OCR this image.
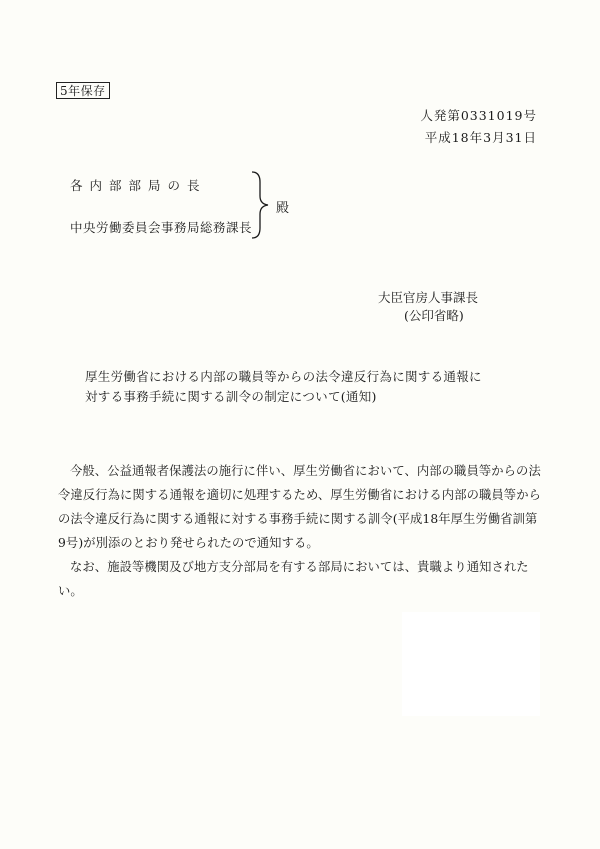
5年保存
人発第0331019号
平成18年3月31日
各内部部局の長
中央労働委員会事務局総務課長
殿
大臣官房人事課長
(公印省略)
厚生労働省における内部の職員等からの法令違反行為に関する通報に
対する事務手続に関する訓令の制定について(通知)

今般、公益通報者保護法の施行に伴い、厚生労働省において、内部の職員等からの法令違反行為に関する通報を適切に処理するため、厚生労働省における内部の職員等からの法令違反行為に関する通報に対する事務手続に関する訓令(平成18年厚生労働省訓第9号)が別添のとおり発せられたので通知する。

なお、施設等機関及び地方支分部局を有する部局においては、貴職より通知されたい。
